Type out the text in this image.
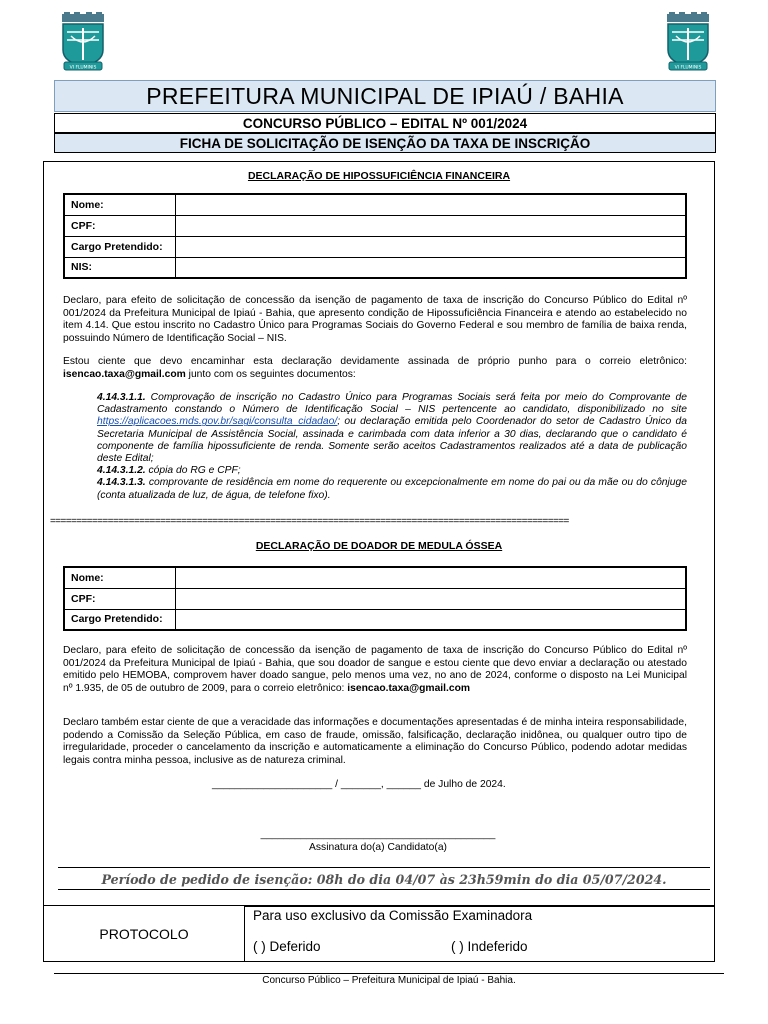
VI FLUMINIS	VI FLUMINIS
PREFEITURA MUNICIPAL DE IPIAÚ / BAHIA
CONCURSO PÚBLICO – EDITAL Nº 001/2024
FICHA DE SOLICITAÇÃO DE ISENÇÃO DA TAXA DE INSCRIÇÃO
DECLARAÇÃO DE HIPOSSUFICIÊNCIA FINANCEIRA
Nome:	
CPF:	
Cargo Pretendido:	
NIS:	
Declaro, para efeito de solicitação de concessão da isenção de pagamento de taxa de inscrição do Concurso Público do Edital nº 001/2024 da Prefeitura Municipal de Ipiaú - Bahia, que apresento condição de Hipossuficiência Financeira e atendo ao estabelecido no item 4.14. Que estou inscrito no Cadastro Único para Programas Sociais do Governo Federal e sou membro de família de baixa renda, possuindo Número de Identificação Social – NIS.
Estou ciente que devo encaminhar esta declaração devidamente assinada de próprio punho para o correio eletrônico: isencao.taxa@gmail.com junto com os seguintes documentos:
4.14.3.1.1. Comprovação de inscrição no Cadastro Único para Programas Sociais será feita por meio do Comprovante de Cadastramento constando o Número de Identificação Social – NIS pertencente ao candidato, disponibilizado no site https://aplicacoes.mds.gov.br/sagi/consulta_cidadao/; ou declaração emitida pelo Coordenador do setor de Cadastro Único da Secretaria Municipal de Assistência Social, assinada e carimbada com data inferior a 30 dias, declarando que o candidato é componente de família hipossuficiente de renda. Somente serão aceitos Cadastramentos realizados até a data de publicação deste Edital;
4.14.3.1.2. cópia do RG e CPF;
4.14.3.1.3. comprovante de residência em nome do requerente ou excepcionalmente em nome do pai ou da mãe ou do cônjuge (conta atualizada de luz, de água, de telefone fixo).
===================================================================================================
DECLARAÇÃO DE DOADOR DE MEDULA ÓSSEA
Nome:	
CPF:	
Cargo Pretendido:	
Declaro, para efeito de solicitação de concessão da isenção de pagamento de taxa de inscrição do Concurso Público do Edital nº 001/2024 da Prefeitura Municipal de Ipiaú - Bahia, que sou doador de sangue e estou ciente que devo enviar a declaração ou atestado emitido pelo HEMOBA, comprovem haver doado sangue, pelo menos uma vez, no ano de 2024, conforme o disposto na Lei Municipal nº 1.935, de 05 de outubro de 2009, para o correio eletrônico: isencao.taxa@gmail.com
Declaro também estar ciente de que a veracidade das informações e documentações apresentadas é de minha inteira responsabilidade, podendo a Comissão da Seleção Pública, em caso de fraude, omissão, falsificação, declaração inidônea, ou qualquer outro tipo de irregularidade, proceder o cancelamento da inscrição e automaticamente a eliminação do Concurso Público, podendo adotar medidas legais contra minha pessoa, inclusive as de natureza criminal.
_____________________ / _______, ______ de Julho de 2024.
_________________________________________
Assinatura do(a) Candidato(a)
Período de pedido de isenção: 08h do dia 04/07 às 23h59min do dia 05/07/2024.
PROTOCOLO
Para uso exclusivo da Comissão Examinadora
( ) Deferido	( ) Indeferido
Concurso Público – Prefeitura Municipal de Ipiaú - Bahia.
